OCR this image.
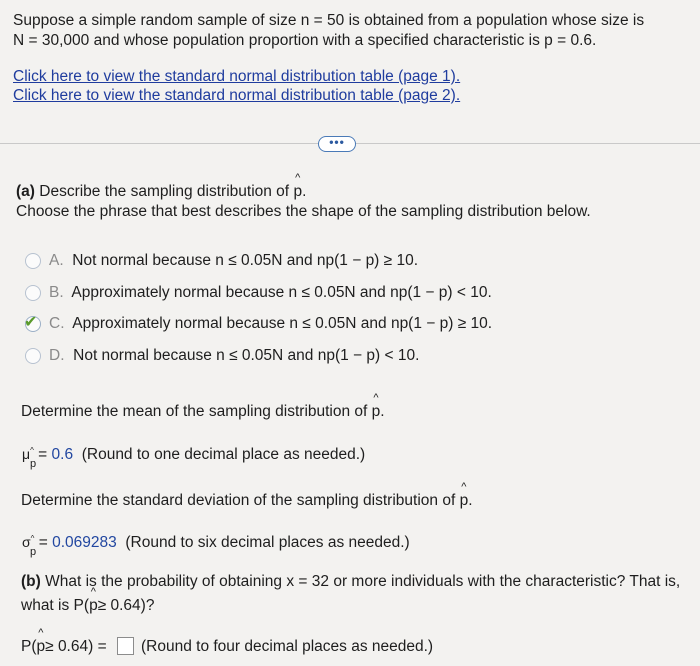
Suppose a simple random sample of size n = 50 is obtained from a population whose size is
N = 30,000 and whose population proportion with a specified characteristic is p = 0.6.
Click here to view the standard normal distribution table (page 1).
Click here to view the standard normal distribution table (page 2).
•••
(a) Describe the sampling distribution of ^ p.
Choose the phrase that best describes the shape of the sampling distribution below.
A. Not normal because n ≤ 0.05N and np(1 − p) ≥ 10.
B. Approximately normal because n ≤ 0.05N and np(1 − p) < 10.
✔ C. Approximately normal because n ≤ 0.05N and np(1 − p) ≥ 10.
D. Not normal because n ≤ 0.05N and np(1 − p) < 10.
Determine the mean of the sampling distribution of ^ p.
μ^ = 0.6 (Round to one decimal place as needed.)
p
Determine the standard deviation of the sampling distribution of ^ p.
σ^ = 0.069283 (Round to six decimal places as needed.)
p
(b) What is the probability of obtaining x = 32 or more individuals with the characteristic? That is,
what is P(^ p≥ 0.64)?
P(^ p≥ 0.64) = (Round to four decimal places as needed.)
